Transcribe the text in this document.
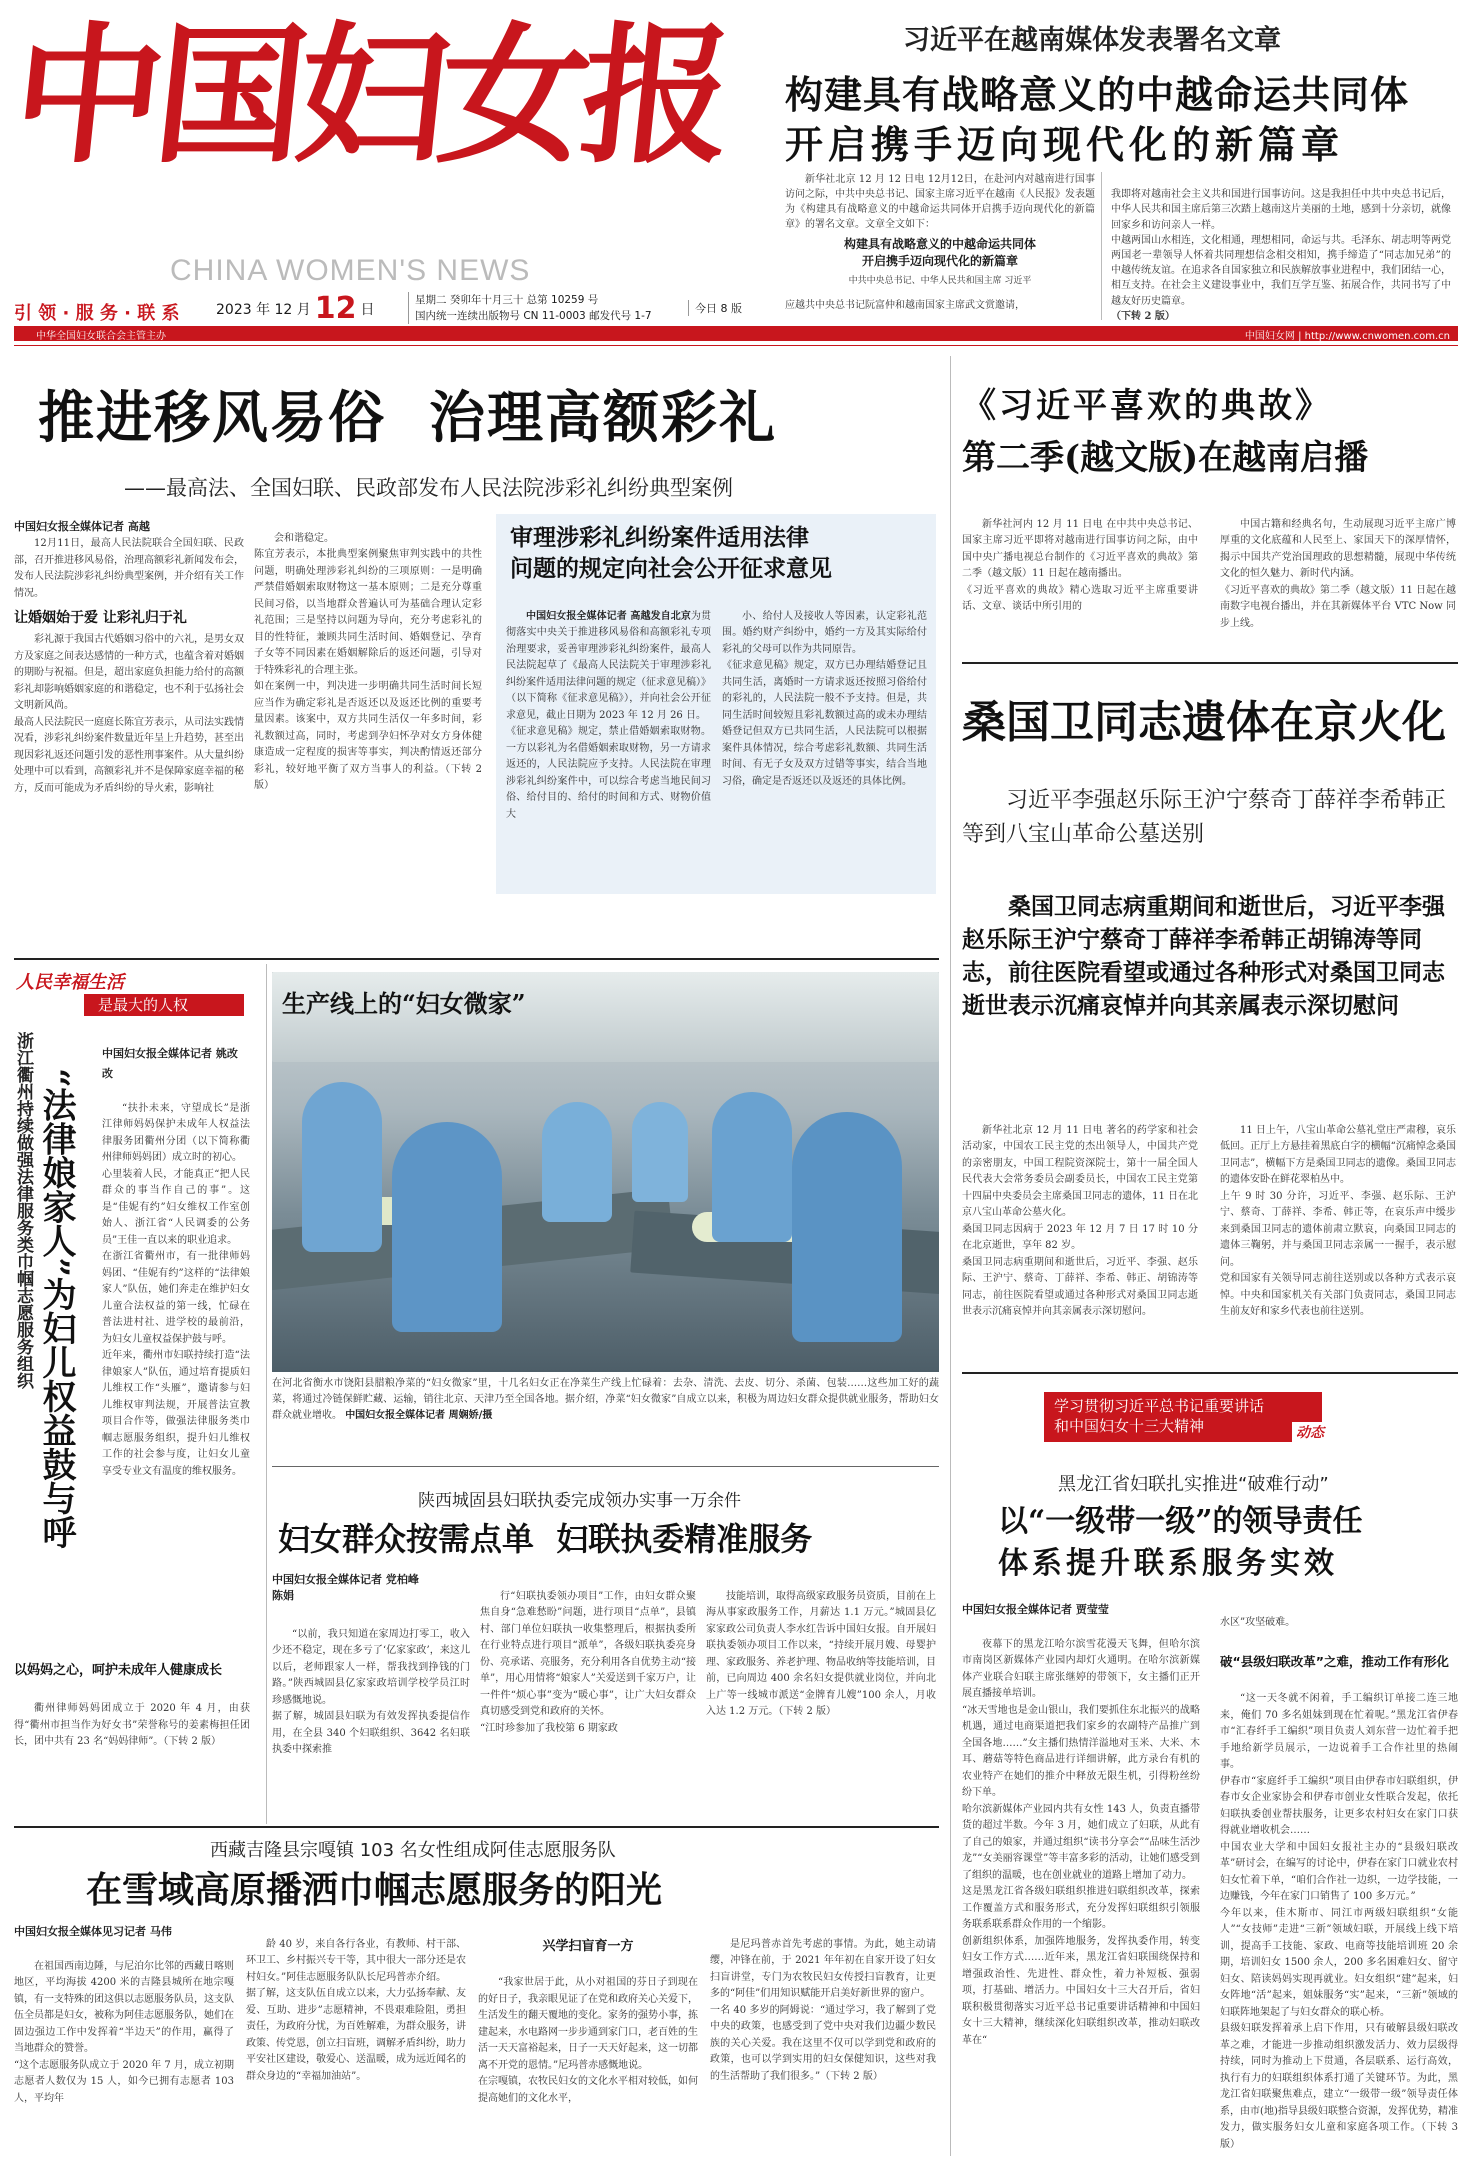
中国妇女报
CHINA WOMEN'S NEWS
引 领 · 服 务 · 联 系	2023 年 12 月 12 日
星期二 癸卯年十月三十 总第 10259 号
国内统一连续出版物号 CN 11-0003 邮发代号 1-7
今日 8 版
中华全国妇女联合会主管主办	中国妇女网 | http://www.cnwomen.com.cn
习近平在越南媒体发表署名文章
构建具有战略意义的中越命运共同体
开启携手迈向现代化的新篇章

新华社北京 12 月 12 日电 12月12日，在赴河内对越南进行国事访问之际，中共中央总书记、国家主席习近平在越南《人民报》发表题为《构建具有战略意义的中越命运共同体开启携手迈向现代化的新篇章》的署名文章。文章全文如下：

构建具有战略意义的中越命运共同体
开启携手迈向现代化的新篇章
中共中央总书记、中华人民共和国主席 习近平
应越共中央总书记阮富仲和越南国家主席武文赏邀请，

我即将对越南社会主义共和国进行国事访问。这是我担任中共中央总书记后，中华人民共和国主席后第三次踏上越南这片美丽的土地，感到十分亲切，就像回家乡和访问亲人一样。
中越两国山水相连，文化相通，理想相同，命运与共。毛泽东、胡志明等两党两国老一辈领导人怀着共同理想信念相交相知，携手缔造了“同志加兄弟”的中越传统友谊。在追求各自国家独立和民族解放事业进程中，我们团结一心，相互支持。在社会主义建设事业中，我们互学互鉴、拓展合作，共同书写了中越友好历史篇章。
（下转 2 版）

推进移风易俗  治理高额彩礼
——最高法、全国妇联、民政部发布人民法院涉彩礼纠纷典型案例
中国妇女报全媒体记者 高越

12月11日，最高人民法院联合全国妇联、民政部，召开推进移风易俗，治理高额彩礼新闻发布会，发布人民法院涉彩礼纠纷典型案例，并介绍有关工作情况。

让婚姻始于爱 让彩礼归于礼

彩礼源于我国古代婚姻习俗中的六礼，是男女双方及家庭之间表达感情的一种方式，也蕴含着对婚姻的期盼与祝福。但是，超出家庭负担能力给付的高额彩礼却影响婚姻家庭的和谐稳定，也不利于弘扬社会文明新风尚。
最高人民法院民一庭庭长陈宜芳表示，从司法实践情况看，涉彩礼纠纷案件数量近年呈上升趋势，甚至出现因彩礼返还问题引发的恶性刑事案件。从大量纠纷处理中可以看到，高额彩礼并不是保障家庭幸福的秘方，反而可能成为矛盾纠纷的导火索，影响社

会和谐稳定。
陈宜芳表示，本批典型案例聚焦审判实践中的共性问题，明确处理涉彩礼纠纷的三项原则：一是明确严禁借婚姻索取财物这一基本原则；二是充分尊重民间习俗，以当地群众普遍认可为基础合理认定彩礼范围；三是坚持以问题为导向，充分考虑彩礼的目的性特征，兼顾共同生活时间、婚姻登记、孕育子女等不同因素在婚姻解除后的返还问题，引导对于特殊彩礼的合理主张。
如在案例一中，判决进一步明确共同生活时间长短应当作为确定彩礼是否返还以及返还比例的重要考量因素。该案中，双方共同生活仅一年多时间，彩礼数额过高，同时，考虑到孕妇怀孕对女方身体健康造成一定程度的损害等事实，判决酌情返还部分彩礼，较好地平衡了双方当事人的利益。（下转 2 版）

审理涉彩礼纠纷案件适用法律
问题的规定向社会公开征求意见

中国妇女报全媒体记者 高越发自北京为贯彻落实中央关于推进移风易俗和高额彩礼专项治理要求，妥善审理涉彩礼纠纷案件，最高人民法院起草了《最高人民法院关于审理涉彩礼纠纷案件适用法律问题的规定（征求意见稿）》（以下简称《征求意见稿》），并向社会公开征求意见，截止日期为 2023 年 12 月 26 日。
《征求意见稿》规定，禁止借婚姻索取财物。一方以彩礼为名借婚姻索取财物，另一方请求返还的，人民法院应予支持。人民法院在审理涉彩礼纠纷案件中，可以综合考虑当地民间习俗、给付目的、给付的时间和方式、财物价值大

小、给付人及接收人等因素，认定彩礼范围。婚约财产纠纷中，婚约一方及其实际给付彩礼的父母可以作为共同原告。
《征求意见稿》规定，双方已办理结婚登记且共同生活，离婚时一方请求返还按照习俗给付的彩礼的，人民法院一般不予支持。但是，共同生活时间较短且彩礼数额过高的或未办理结婚登记但双方已共同生活，人民法院可以根据案件具体情况，综合考虑彩礼数额、共同生活时间、有无子女及双方过错等事实，结合当地习俗，确定是否返还以及返还的具体比例。

人民幸福生活
是最大的人权
浙江衢州持续做强法律服务类巾帼志愿服务组织 “法律娘家人”为妇儿权益鼓与呼
中国妇女报全媒体记者 姚改改

“扶扑未来，守望成长”是浙江律师妈妈保护未成年人权益法律服务团衢州分团（以下简称衢州律师妈妈团）成立时的初心。
心里装着人民，才能真正“把人民群众的事当作自己的事”。这是“佳妮有约”妇女维权工作室创始人、浙江省“人民调委的公务员”王佳一直以来的职业追求。
在浙江省衢州市，有一批律师妈妈团、“佳妮有约”这样的“法律娘家人”队伍，她们奔走在维护妇女儿童合法权益的第一线，忙碌在普法进村社、进学校的最前沿，为妇女儿童权益保护鼓与呼。
近年来，衢州市妇联持续打造“法律娘家人”队伍，通过培育提质妇儿维权工作“头雁”，邀请参与妇儿维权审判法规，开展普法宣教项目合作等，做强法律服务类巾帼志愿服务组织，提升妇儿维权工作的社会参与度，让妇女儿童享受专业文有温度的维权服务。

以妈妈之心，呵护未成年人健康成长

衢州律师妈妈团成立于 2020 年 4 月，由获得“衢州市担当作为好女书”荣誉称号的姜素梅担任团长，团中共有 23 名“妈妈律师”。（下转 2 版）

生产线上的“妇女微家”
在河北省衡水市饶阳县腊粮净菜的“妇女微家”里，十几名妇女正在净菜生产线上忙碌着：去杂、清洗、去皮、切分、杀菌、包装……这些加工好的蔬菜，将通过冷链保鲜贮藏、运输，销往北京、天津乃至全国各地。据介绍，净菜“妇女微家”自成立以来，积极为周边妇女群众提供就业服务，帮助妇女群众就业增收。 中国妇女报全媒体记者 周娴娇/摄
陕西城固县妇联执委完成领办实事一万余件
妇女群众按需点单  妇联执委精准服务
中国妇女报全媒体记者 党柏峰
陈娟

“以前，我只知道在家周边打零工，收入少还不稳定，现在多亏了‘亿家家政’，来这儿以后，老师跟家人一样，帮我找到挣钱的门路。”陕西城固县亿家家政培训学校学员江时珍感慨地说。
据了解，城固县妇联为有效发挥执委提信作用，在全县 340 个妇联组织、3642 名妇联执委中探索推

行“妇联执委领办项目”工作，由妇女群众聚焦自身“急难愁盼”问题，进行项目“点单”，县镇村、部门单位妇联执一收集整理后，根据执委所在行业特点进行项目“派单”，各级妇联执委亮身份、亮承诺、亮服务，充分利用各自优势主动“接单”，用心用情将“娘家人”关爱送到千家万户，让一件件“烦心事”变为“暖心事”，让广大妇女群众真切感受到党和政府的关怀。
“江时珍参加了我校第 6 期家政

技能培训，取得高级家政服务员资质，目前在上海从事家政服务工作，月薪达 1.1 万元。”城固县亿家家政公司负责人李水红告诉中国妇女报。自开展妇联执委领办项目工作以来，“持续开展月嫂、母婴护理、家政服务、养老护理、物品收纳等技能培训，目前，已向周边 400 余名妇女提供就业岗位，并向北上广等一线城市派送“金牌育儿嫂”100 余人，月收入达 1.2 万元。（下转 2 版）

西藏吉隆县宗嘎镇 103 名女性组成阿佳志愿服务队
在雪域高原播洒巾帼志愿服务的阳光
中国妇女报全媒体见习记者 马伟

在祖国西南边陲，与尼泊尔比邻的西藏日喀则地区，平均海拔 4200 米的吉隆县城所在地宗嘎镇，有一支特殊的团这俱以志愿服务队员，这支队伍全员都是妇女，被称为阿佳志愿服务队，她们在固边强边工作中发挥着“半边天”的作用，赢得了当地群众的赞誉。
“这个志愿服务队成立于 2020 年 7 月，成立初期志愿者人数仅为 15 人，如今已拥有志愿者 103 人，平均年

龄 40 岁，来自各行各业，有教师、村干部、环卫工、乡村振兴专干等，其中很大一部分还是农村妇女。”阿佳志愿服务队队长尼玛普赤介绍。
据了解，这支队伍自成立以来，大力弘扬奉献、友爱、互助、进步”志愿精神，不畏艰难险阻，勇担责任，为政府分忧，为百姓解难，为群众服务，讲政策、传党恩，创立扫盲班，调解矛盾纠纷，助力平安社区建设，敬爱心、送温暖，成为远近闻名的群众身边的“幸福加油站”。

兴学扫盲育一方

“我家世居于此，从小对祖国的芬日子到现在的好日子，我亲眼见证了在党和政府关心关爱下，生活发生的翻天覆地的变化。家务的强势小事，拣建起来，水电路网一步步通到家门口，老百姓的生活一天天富裕起来，日子一天天好起来，这一切都离不开党的恩情。”尼玛普赤感慨地说。
在宗嘎镇，农牧民妇女的文化水平相对较低，如何提高她们的文化水平，

是尼玛普赤首先考虑的事情。为此，她主动请缨，冲锋在前，于 2021 年年初在自家开设了妇女扫盲讲堂，专门为农牧民妇女传授扫盲教育，让更多的“阿佳”们用知识赋能开启美好新世界的窗户。
一名 40 多岁的阿姆说：“通过学习，我了解到了党中央的政策，也感受到了党中央对我们边疆少数民族的关心关爱。我在这里不仅可以学到党和政府的政策，也可以学到实用的妇女保健知识，这些对我的生活帮助了我们很多。”（下转 2 版）

《习近平喜欢的典故》
第二季(越文版)在越南启播

新华社河内 12 月 11 日电 在中共中央总书记、国家主席习近平即将对越南进行国事访问之际，由中国中央广播电视总台制作的《习近平喜欢的典故》第二季（越文版）11 日起在越南播出。
《习近平喜欢的典故》精心选取习近平主席重要讲话、文章、谈话中所引用的

中国古籍和经典名句，生动展现习近平主席广博厚重的文化底蕴和人民至上、家国天下的深厚情怀，揭示中国共产党治国理政的思想精髓，展现中华传统文化的恒久魅力、新时代内涵。
《习近平喜欢的典故》第二季（越文版）11 日起在越南数字电视台播出，并在其新媒体平台 VTC Now 同步上线。

桑国卫同志遗体在京火化
习近平李强赵乐际王沪宁蔡奇丁薛祥李希韩正等到八宝山革命公墓送别
桑国卫同志病重期间和逝世后，习近平李强赵乐际王沪宁蔡奇丁薛祥李希韩正胡锦涛等同志，前往医院看望或通过各种形式对桑国卫同志逝世表示沉痛哀悼并向其亲属表示深切慰问

新华社北京 12 月 11 日电 著名的药学家和社会活动家，中国农工民主党的杰出领导人，中国共产党的亲密朋友，中国工程院资深院士，第十一届全国人民代表大会常务委员会副委员长，中国农工民主党第十四届中央委员会主席桑国卫同志的遗体，11 日在北京八宝山革命公墓火化。
桑国卫同志因病于 2023 年 12 月 7 日 17 时 10 分在北京逝世，享年 82 岁。
桑国卫同志病重期间和逝世后，习近平、李强、赵乐际、王沪宁、蔡奇、丁薛祥、李希、韩正、胡锦涛等同志，前往医院看望或通过各种形式对桑国卫同志逝世表示沉痛哀悼并向其亲属表示深切慰问。

11 日上午，八宝山革命公墓礼堂庄严肃穆，哀乐低回。正厅上方悬挂着黑底白字的横幅“沉痛悼念桑国卫同志”，横幅下方是桑国卫同志的遗像。桑国卫同志的遗体安卧在鲜花翠柏丛中。
上午 9 时 30 分许，习近平、李强、赵乐际、王沪宁、蔡奇、丁薛祥、李希、韩正等，在哀乐声中缓步来到桑国卫同志的遗体前肃立默哀，向桑国卫同志的遗体三鞠躬，并与桑国卫同志亲属一一握手，表示慰问。
党和国家有关领导同志前往送别或以各种方式表示哀悼。中央和国家机关有关部门负责同志，桑国卫同志生前友好和家乡代表也前往送别。

学习贯彻习近平总书记重要讲话
和中国妇女十三大精神	动态
黑龙江省妇联扎实推进“破难行动”
以“一级带一级”的领导责任
体系提升联系服务实效
中国妇女报全媒体记者 贾莹莹

夜幕下的黑龙江哈尔滨雪花漫天飞舞，但哈尔滨市南岗区新媒体产业园内却灯火通明。在哈尔滨新媒体产业联合妇联主席张继婷的带领下，女主播们正开展直播接单培训。
“冰天雪地也是金山银山，我们要抓住东北振兴的战略机遇，通过电商渠道把我们家乡的农副特产品推广到全国各地……”女主播们热情洋溢地对玉米、大米、木耳、蘑菇等特色商品进行详细讲解，此方录台有机的农业特产在她们的推介中释放无限生机，引得粉丝纷纷下单。
哈尔滨新媒体产业园内共有女性 143 人，负责直播带货的超过半数。今年 3 月，她们成立了妇联，从此有了自己的娘家，并通过组织“读书分享会”“品味生活沙龙”“女美丽容课堂”等丰富多彩的活动，让她们感受到了组织的温暖，也在创业就业的道路上增加了动力。
这是黑龙江省各级妇联组织推进妇联组织改革，探索工作覆盖方式和服务形式，充分发挥妇联组织引领服务联系联系群众作用的一个缩影。
创新组织体系，加强阵地服务，发挥执委作用，转变妇女工作方式……近年来，黑龙江省妇联围绕保持和增强政治性、先进性、群众性，着力补短板、强弱项，打基础、增活力。中国妇女十三大召开后，省妇联积极贯彻落实习近平总书记重要讲话精神和中国妇女十三大精神，继续深化妇联组织改革，推动妇联改革在“

水区”攻坚破难。

破“县级妇联改革”之难，推动工作有形化

“这一天冬就不闲着，手工编织订单接二连三地来，俺们 70 多名姐妹到现在忙着呢。”黑龙江省伊春市“汇春纤手工编织”项目负责人刘东营一边忙着手把手地给新学员展示，一边说着手工合作社里的热闹事。
伊春市“家庭纤手工编织”项目由伊春市妇联组织，伊春市女企业家协会和伊春市创业女性联合发起，依托妇联执委创业帮扶服务，让更多农村妇女在家门口获得就业增收机会……
中国农业大学和中国妇女报社主办的“县级妇联改革”研讨会，在编写的讨论中，伊春在家门口就业农村妇女忙着下单，“咱们合作社一边织，一边学技能，一边赚钱，今年在家门口销售了 100 多万元。”
今年以来，佳木斯市、同江市两级妇联组织“女能人”“女技师”走进“三新”领域妇联，开展线上线下培训，提高手工技能、家政、电商等技能培训班 20 余期，培训妇女 1500 余人，200 多名困难妇女、留守妇女、陪读妈妈实现再就业。妇女组织“建”起来，妇女阵地“活”起来，姐妹服务“实”起来，“三新”领域的妇联阵地架起了与妇女群众的联心桥。
县级妇联发挥着承上启下作用，只有破解县级妇联改革之难，才能进一步推动组织激发活力、效力层级得持续，同时为推动上下贯通，各层联系、运行高效，执行有力的妇联组织体系打通了关键环节。为此，黑龙江省妇联聚焦难点，建立“一级带一级”领导责任体系，由市(地)指导县级妇联整合资源，发挥优势，精准发力，做实服务妇女儿童和家庭各项工作。（下转 3 版）
